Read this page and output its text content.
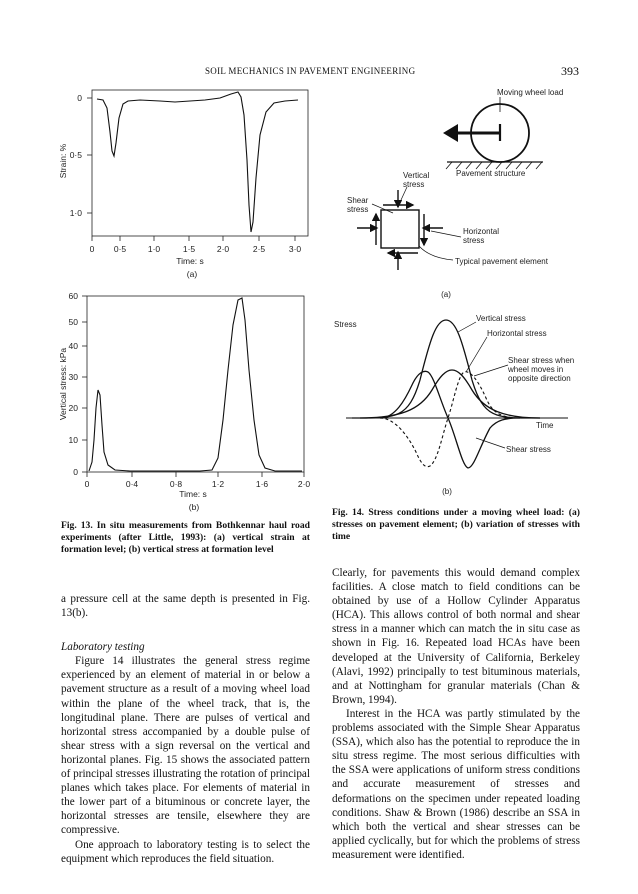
SOIL MECHANICS IN PAVEMENT ENGINEERING	393
0
0·5
1·0
0 0·5	1·0	1·5	2·0	2·5	3·0
Time: s
(a)
Strain: %
60
50
40
30
20
10
0
0	0·4	0·8	1·2	1·6	2·0
Time: s
(b)
Vertical stress: kPa
Moving wheel load
Pavement structure
Vertical
stress
Shear
stress
Horizontal
stress
Typical pavement element
(a)
Stress
Time
Vertical stress
Horizontal stress
Shear stress when
wheel moves in
opposite direction
Shear stress
(b)
Fig. 13. In situ measurements from Bothkennar haul road experiments (after Little, 1993): (a) vertical strain at formation level; (b) vertical stress at formation level
Fig. 14. Stress conditions under a moving wheel load: (a) stresses on pavement element; (b) variation of stresses with time

a pressure cell at the same depth is presented in Fig. 13(b).

Laboratory testing

Figure 14 illustrates the general stress regime experienced by an element of material in or below a pavement structure as a result of a moving wheel load within the plane of the wheel track, that is, the longitudinal plane. There are pulses of vertical and horizontal stress accompanied by a double pulse of shear stress with a sign reversal on the vertical and horizontal planes. Fig. 15 shows the associated pattern of principal stresses illustrating the rotation of principal planes which takes place. For elements of material in the lower part of a bituminous or concrete layer, the horizontal stresses are tensile, elsewhere they are compressive.

One approach to laboratory testing is to select the equipment which reproduces the field situation.

Clearly, for pavements this would demand complex facilities. A close match to field conditions can be obtained by use of a Hollow Cylinder Apparatus (HCA). This allows control of both normal and shear stress in a manner which can match the in situ case as shown in Fig. 16. Repeated load HCAs have been developed at the University of California, Berkeley (Alavi, 1992) principally to test bituminous materials, and at Nottingham for granular materials (Chan & Brown, 1994).

Interest in the HCA was partly stimulated by the problems associated with the Simple Shear Apparatus (SSA), which also has the potential to reproduce the in situ stress regime. The most serious difficulties with the SSA were applications of uniform stress conditions and accurate measurement of stresses and deformations on the specimen under repeated loading conditions. Shaw & Brown (1986) describe an SSA in which both the vertical and shear stresses can be applied cyclically, but for which the problems of stress measurement were identified.
